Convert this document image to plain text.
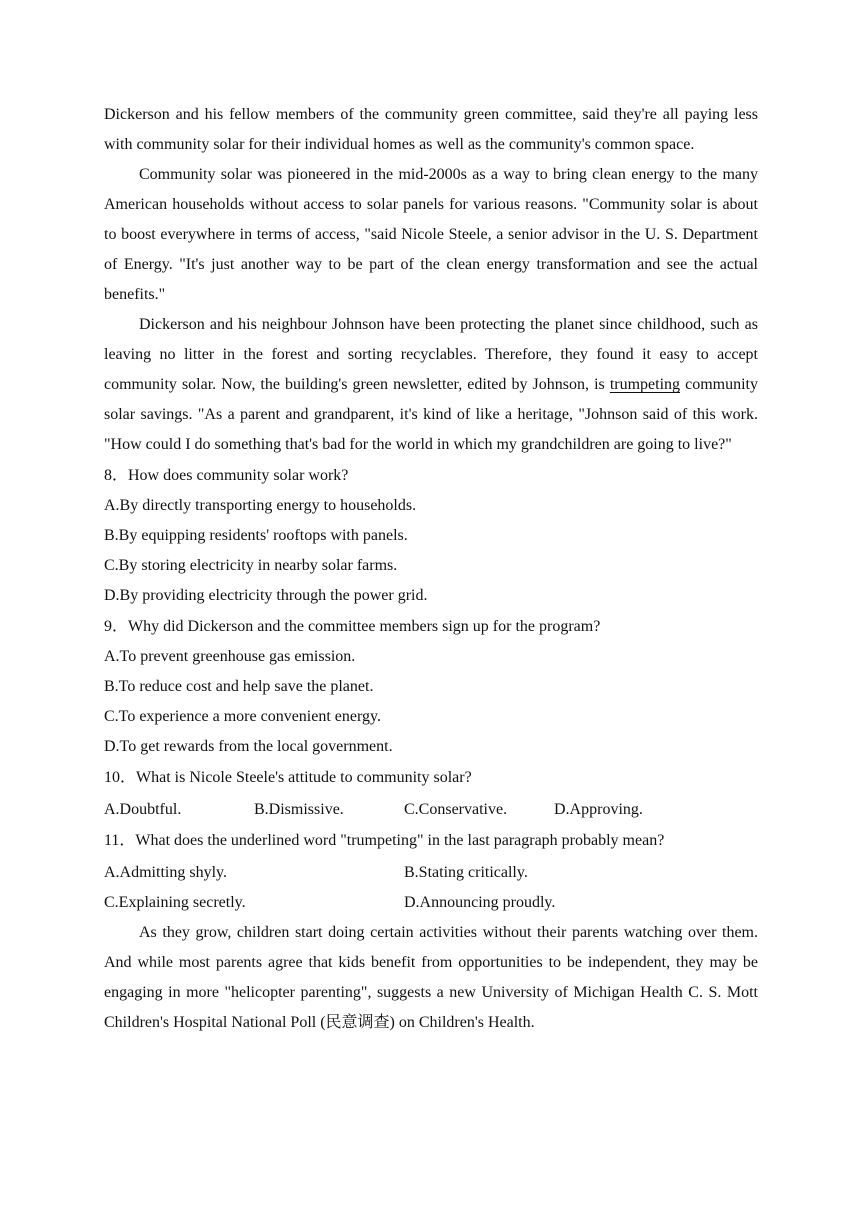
Dickerson and his fellow members of the community green committee, said they're all paying less with community solar for their individual homes as well as the community's common space.

Community solar was pioneered in the mid-2000s as a way to bring clean energy to the many American households without access to solar panels for various reasons. "Community solar is about to boost everywhere in terms of access, "said Nicole Steele, a senior advisor in the U. S. Department of Energy. "It's just another way to be part of the clean energy transformation and see the actual benefits."

Dickerson and his neighbour Johnson have been protecting the planet since childhood, such as leaving no litter in the forest and sorting recyclables. Therefore, they found it easy to accept community solar. Now, the building's green newsletter, edited by Johnson, is trumpeting community solar savings. "As a parent and grandparent, it's kind of like a heritage, "Johnson said of this work. "How could I do something that's bad for the world in which my grandchildren are going to live?"

8．How does community solar work?

A.By directly transporting energy to households.

B.By equipping residents' rooftops with panels.

C.By storing electricity in nearby solar farms.

D.By providing electricity through the power grid.

9．Why did Dickerson and the committee members sign up for the program?

A.To prevent greenhouse gas emission.

B.To reduce cost and help save the planet.

C.To experience a more convenient energy.

D.To get rewards from the local government.

10．What is Nicole Steele's attitude to community solar?

A.Doubtful.	B.Dismissive.	C.Conservative.	D.Approving.

11．What does the underlined word "trumpeting" in the last paragraph probably mean?

A.Admitting shyly.	B.Stating critically.
C.Explaining secretly.	D.Announcing proudly.

As they grow, children start doing certain activities without their parents watching over them. And while most parents agree that kids benefit from opportunities to be independent, they may be engaging in more "helicopter parenting", suggests a new University of Michigan Health C. S. Mott Children's Hospital National Poll (民意调查) on Children's Health.
